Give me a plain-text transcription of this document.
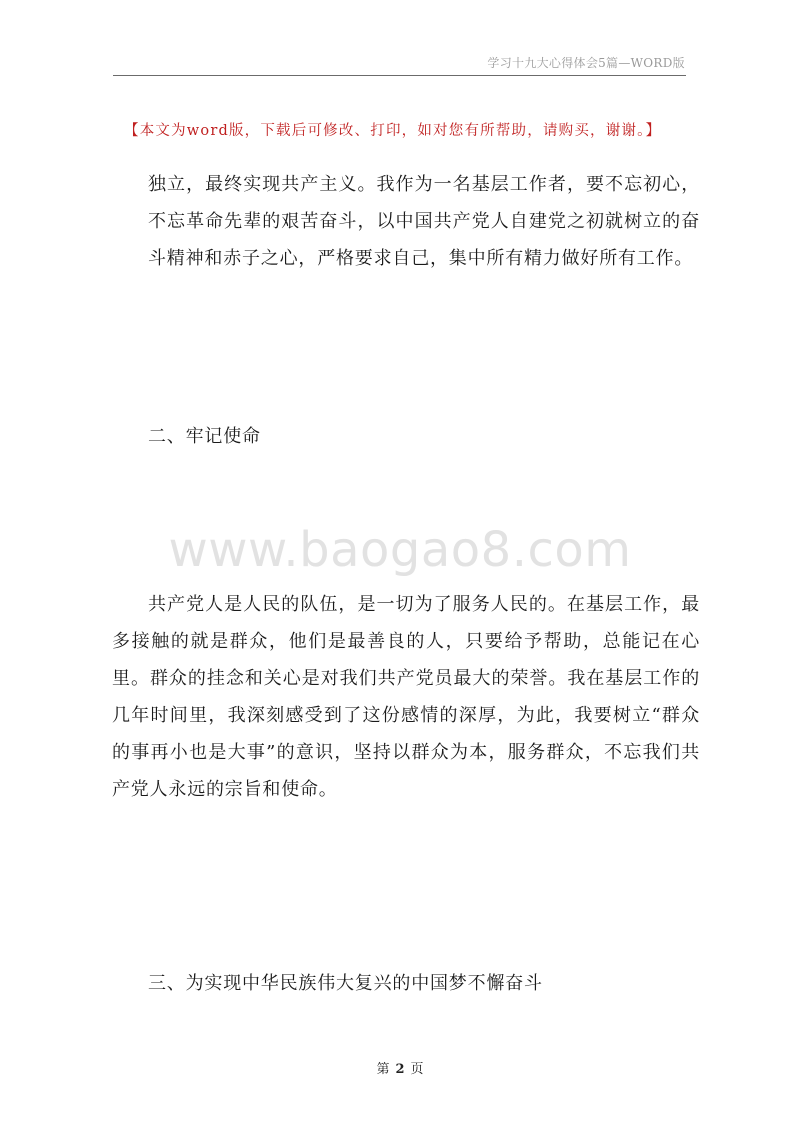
学习十九大心得体会5篇—WORD版
【本文为word版，下载后可修改、打印，如对您有所帮助，请购买，谢谢。】

独立，最终实现共产主义。我作为一名基层工作者，要不忘初心，不忘革命先辈的艰苦奋斗，以中国共产党人自建党之初就树立的奋斗精神和赤子之心，严格要求自己，集中所有精力做好所有工作。

二、牢记使命

www.baogao8.com

共产党人是人民的队伍，是一切为了服务人民的。在基层工作，最多接触的就是群众，他们是最善良的人，只要给予帮助，总能记在心里。群众的挂念和关心是对我们共产党员最大的荣誉。我在基层工作的几年时间里，我深刻感受到了这份感情的深厚，为此，我要树立“群众的事再小也是大事”的意识，坚持以群众为本，服务群众，不忘我们共产党人永远的宗旨和使命。

三、为实现中华民族伟大复兴的中国梦不懈奋斗

第 2 页
